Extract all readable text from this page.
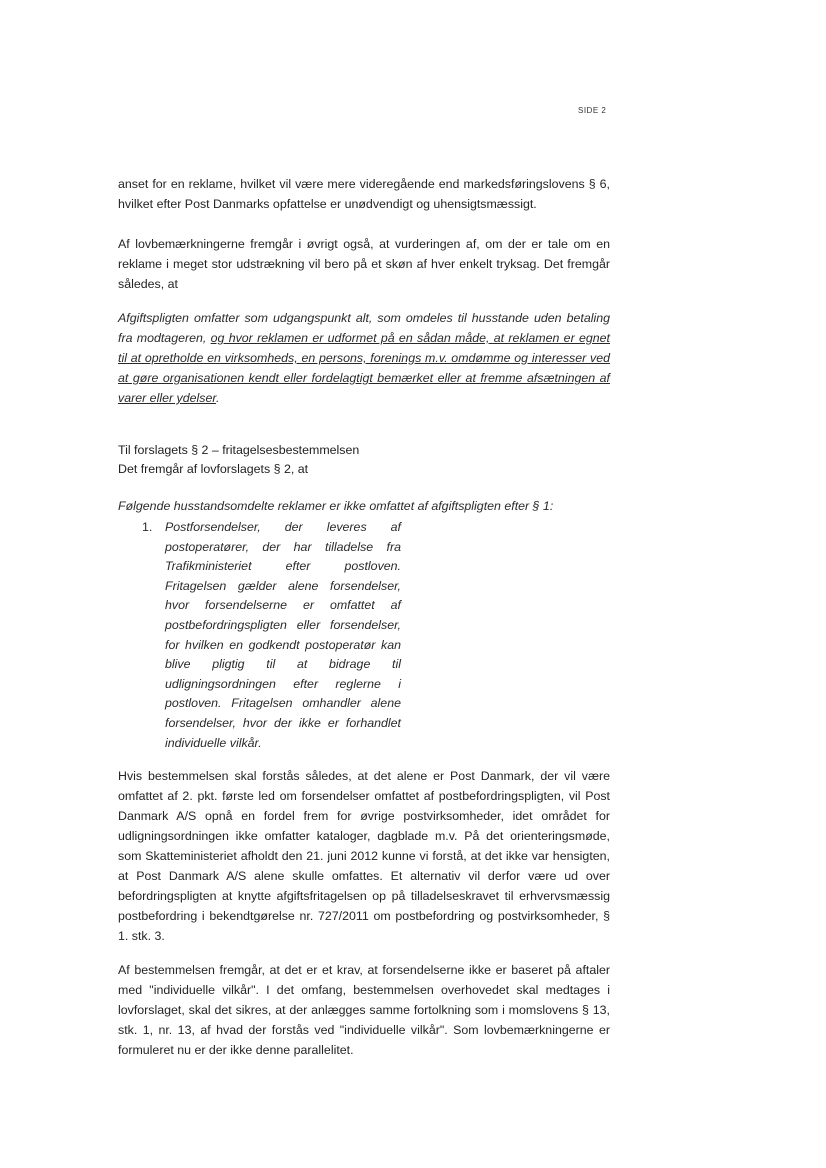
SIDE 2

anset for en reklame, hvilket vil være mere videregående end markedsføringslovens § 6, hvilket efter Post Danmarks opfattelse er unødvendigt og uhensigtsmæssigt.

Af lovbemærkningerne fremgår i øvrigt også, at vurderingen af, om der er tale om en reklame i meget stor udstrækning vil bero på et skøn af hver enkelt tryksag. Det fremgår således, at

Afgiftspligten omfatter som udgangspunkt alt, som omdeles til husstande uden betaling fra modtageren, og hvor reklamen er udformet på en sådan måde, at reklamen er egnet til at opretholde en virksomheds, en persons, forenings m.v. omdømme og interesser ved at gøre organisationen kendt eller fordelagtigt bemærket eller at fremme afsætningen af varer eller ydelser.
Til forslagets § 2 – fritagelsesbestemmelsen
Det fremgår af lovforslagets § 2, at
Følgende husstandsomdelte reklamer er ikke omfattet af afgiftspligten efter § 1:
1. Postforsendelser, der leveres af postoperatører, der har tilladelse fra Trafikministeriet efter postloven. Fritagelsen gælder alene forsendelser, hvor forsendelserne er omfattet af postbefordringspligten eller forsendelser, for hvilken en godkendt postoperatør kan blive pligtig til at bidrage til udligningsordningen efter reglerne i postloven. Fritagelsen omhandler alene forsendelser, hvor der ikke er forhandlet individuelle vilkår.

Hvis bestemmelsen skal forstås således, at det alene er Post Danmark, der vil være omfattet af 2. pkt. første led om forsendelser omfattet af postbefordringspligten, vil Post Danmark A/S opnå en fordel frem for øvrige postvirksomheder, idet området for udligningsordningen ikke omfatter kataloger, dagblade m.v. På det orienteringsmøde, som Skatteministeriet afholdt den 21. juni 2012 kunne vi forstå, at det ikke var hensigten, at Post Danmark A/S alene skulle omfattes. Et alternativ vil derfor være ud over befordringspligten at knytte afgiftsfritagelsen op på tilladelseskravet til erhvervsmæssig postbefordring i bekendtgørelse nr. 727/2011 om postbefordring og postvirksomheder, § 1. stk. 3.

Af bestemmelsen fremgår, at det er et krav, at forsendelserne ikke er baseret på aftaler med "individuelle vilkår". I det omfang, bestemmelsen overhovedet skal medtages i lovforslaget, skal det sikres, at der anlægges samme fortolkning som i momslovens § 13, stk. 1, nr. 13, af hvad der forstås ved "individuelle vilkår". Som lovbemærkningerne er formuleret nu er der ikke denne parallelitet.
